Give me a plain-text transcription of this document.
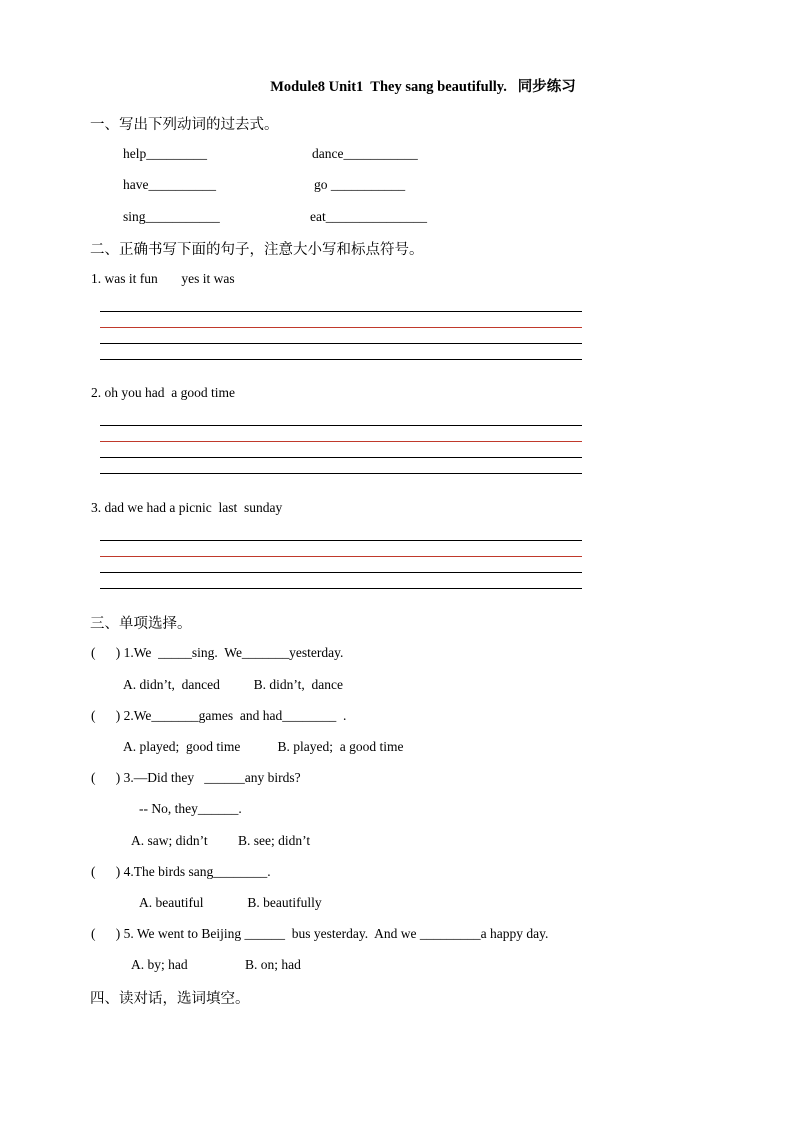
Module8 Unit1  They sang beautifully.   同步练习
一、写出下列动词的过去式。
help_________	dance___________
have__________	go ___________
sing___________	eat_______________
二、正确书写下面的句子，注意大小写和标点符号。
1. was it fun       yes it was
2. oh you had  a good time
3. dad we had a picnic  last  sunday
三、单项选择。
(      ) 1.We  _____sing.  We_______yesterday.
A. didn’t,  danced          B. didn’t,  dance
(      ) 2.We_______games  and had________  .
A. played;  good time           B. played;  a good time
(      ) 3.—Did they   ______any birds?
-- No, they______.
A. saw; didn’t         B. see; didn’t
(      ) 4.The birds sang________.
A. beautiful             B. beautifully
(      ) 5. We went to Beijing ______  bus yesterday.  And we _________a happy day.
A. by; had                 B. on; had
四、读对话，选词填空。
